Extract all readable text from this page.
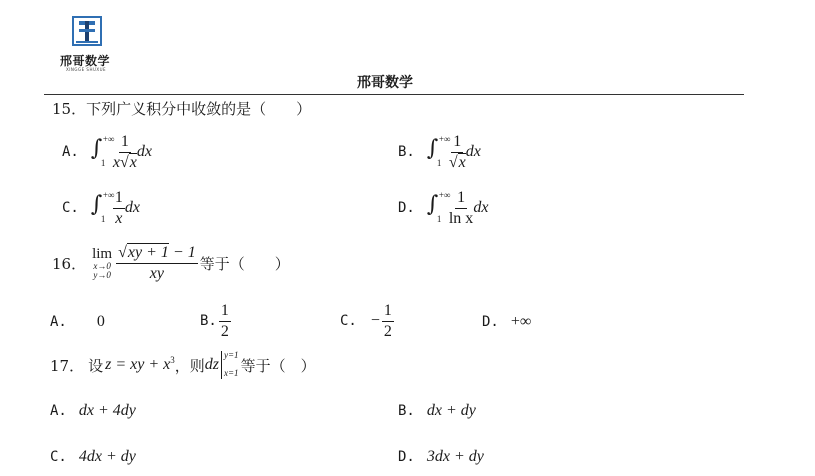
邢哥数学
XINGGE SHUXUE
邢哥数学
15．下列广义积分中收敛的是（　　）
A. ∫ +∞
$1 \frac{1}{x√x}$ dx	B. ∫ +∞
$1 \frac{1}{√x}$ dx
C. ∫ +∞
$1 \frac{1}{x}$ dx	D. ∫ +∞
$1 \frac{1}{\text{ln x}}$ dx
16．
lim
x→0
$y\to 0 \frac{√xy + 1 - 1}{xy}$ 等于（　　）
A. 0	B. $\frac{1}{2}$	C. − $\frac{1}{2}$	D. +∞
17． 设 z = xy + $x^3$ ，则 dz
y=1
x=1 等于（　）
A. dx + 4dy	B. dx + dy
C. 4dx + dy	D. 3dx + dy
